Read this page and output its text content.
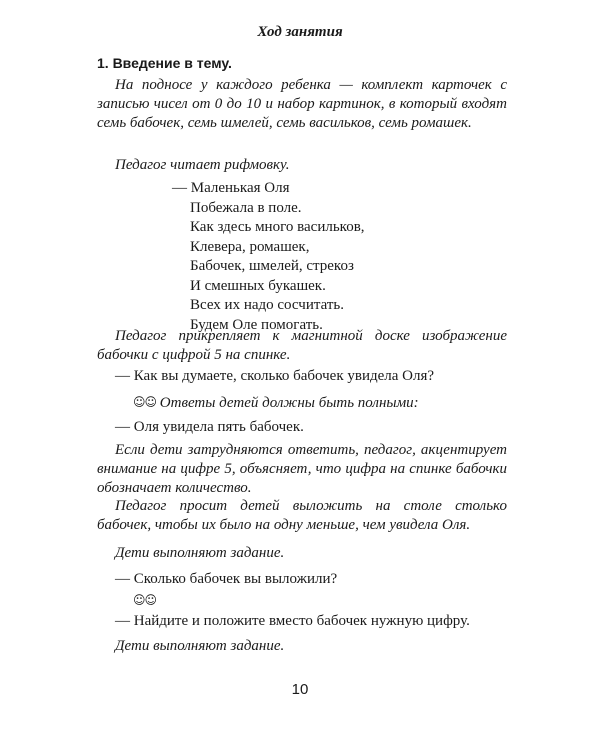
Ход занятия
1. Введение в тему.
На подносе у каждого ребенка — комплект карточек с записью чисел от 0 до 10 и набор картинок, в который входят семь бабочек, семь шмелей, семь васильков, семь ромашек.
Педагог читает рифмовку.
— Маленькая Оля
Побежала в поле.
Как здесь много васильков,
Клевера, ромашек,
Бабочек, шмелей, стрекоз
И смешных букашек.
Всех их надо сосчитать.
Будем Оле помогать.
Педагог прикрепляет к магнитной доске изображение бабочки с цифрой 5 на спинке.
— Как вы думаете, сколько бабочек увидела Оля?
☺☺ Ответы детей должны быть полными:
— Оля увидела пять бабочек.
Если дети затрудняются ответить, педагог, акцентирует внимание на цифре 5, объясняет, что цифра на спинке бабочки обозначает количество.
Педагог просит детей выложить на столе столько бабочек, чтобы их было на одну меньше, чем увидела Оля.
Дети выполняют задание.
— Сколько бабочек вы выложили?
☺☺
— Найдите и положите вместо бабочек нужную цифру.
Дети выполняют задание.
10
